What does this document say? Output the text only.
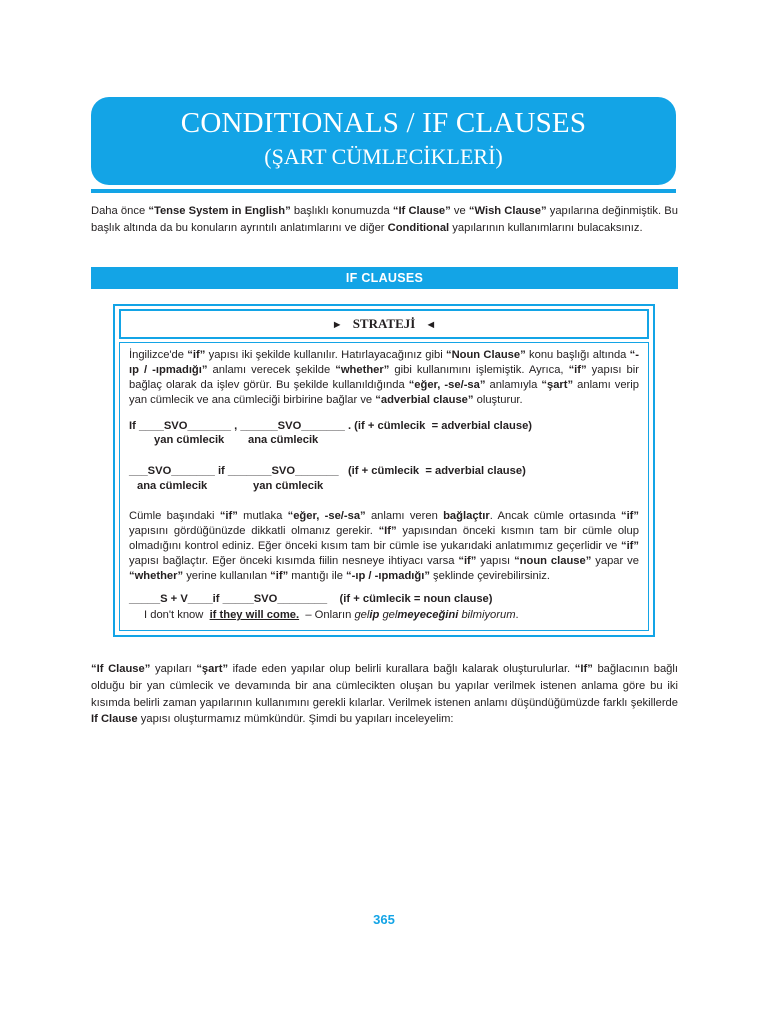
CONDITIONALS / IF CLAUSES
(ŞART CÜMLECİKLERİ)

Daha önce “Tense System in English” başlıklı konumuzda “If Clause” ve “Wish Clause” yapılarına değinmiştik. Bu başlık altında da bu konuların ayrıntılı anlatımlarını ve diğer Conditional yapılarının kullanımlarını bulacaksınız.

IF CLAUSES
► STRATEJİ ◄

İngilizce'de “if” yapısı iki şekilde kullanılır. Hatırlayacağınız gibi “Noun Clause” konu başlığı altında “-ıp / -ıpmadığı” anlamı verecek şekilde “whether” gibi kullanımını işlemiştik. Ayrıca, “if” yapısı bir bağlaç olarak da işlev görür. Bu şekilde kullanıldığında “eğer, -se/-sa” anlamıyla “şart” anlamı verip yan cümlecik ve ana cümleciği birbirine bağlar ve “adverbial clause” oluşturur.

If ____SVO_______ , ______SVO_______ . (if + cümlecik  = adverbial clause)
yan cümlecik ana cümlecik
___SVO_______ if _______SVO_______   (if + cümlecik  = adverbial clause)
ana cümlecik	yan cümlecik

Cümle başındaki “if” mutlaka “eğer, -se/-sa” anlamı veren bağlaçtır. Ancak cümle ortasında “if” yapısını gördüğünüzde dikkatli olmanız gerekir. “If” yapısından önceki kısmın tam bir cümle olup olmadığını kontrol ediniz. Eğer önceki kısım tam bir cümle ise yukarıdaki anlatımımız geçerlidir ve “if” yapısı bağlaçtır. Eğer önceki kısımda fiilin nesneye ihtiyacı varsa “if” yapısı “noun clause” yapar ve “whether” yerine kullanılan “if” mantığı ile “-ıp / -ıpmadığı” şeklinde çevirebilirsiniz.

_____S + V____if _____SVO________    (if + cümlecik = noun clause)
I don't know  if they will come.  – Onların gelip gelmeyeceğini bilmiyorum.

“If Clause” yapıları “şart” ifade eden yapılar olup belirli kurallara bağlı kalarak oluşturulurlar. “If” bağlacının bağlı olduğu bir yan cümlecik ve devamında bir ana cümlecikten oluşan bu yapılar verilmek istenen anlama göre bu iki kısımda belirli zaman yapılarının kullanımını gerekli kılarlar. Verilmek istenen anlamı düşündüğümüzde farklı şekillerde If Clause yapısı oluşturmamız mümkündür. Şimdi bu yapıları inceleyelim:

365
